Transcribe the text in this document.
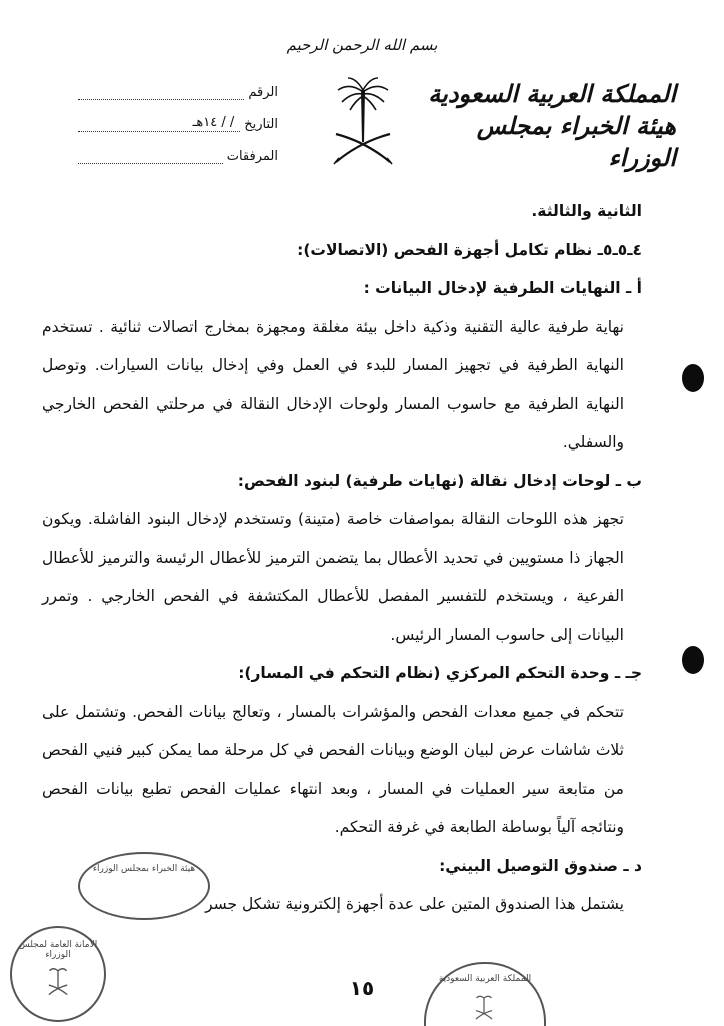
بسم الله الرحمن الرحيم
المملكة العربية السعودية
هيئة الخبراء بمجلس الوزراء
الرقم
التاريخ
/ / ١٤هـ
المرفقات

الثانية والثالثة.

٤ـ٥ـ٥ـ نظام تكامل أجهزة الفحص (الاتصالات):

أ ـ النهايات الطرفية لإدخال البيانات :

نهاية طرفية عالية التقنية وذكية داخل بيئة مغلقة ومجهزة بمخارج اتصالات ثنائية . تستخدم النهاية الطرفية في تجهيز المسار للبدء في العمل وفي إدخال بيانات السيارات. وتوصل النهاية الطرفية مع حاسوب المسار ولوحات الإدخال النقالة في مرحلتي الفحص الخارجي والسفلي.

ب ـ لوحات إدخال نقالة (نهايات طرفية) لبنود الفحص:

تجهز هذه اللوحات النقالة بمواصفات خاصة (متينة) وتستخدم لإدخال البنود الفاشلة. ويكون الجهاز ذا مستويين في تحديد الأعطال بما يتضمن الترميز للأعطال الرئيسة والترميز للأعطال الفرعية ، ويستخدم للتفسير المفصل للأعطال المكتشفة في الفحص الخارجي . وتمرر البيانات إلى حاسوب المسار الرئيس.

جـ ـ وحدة التحكم المركزي (نظام التحكم في المسار):

تتحكم في جميع معدات الفحص والمؤشرات بالمسار ، وتعالج بيانات الفحص. وتشتمل على ثلاث شاشات عرض لبيان الوضع وبيانات الفحص في كل مرحلة مما يمكن كبير فنيي الفحص من متابعة سير العمليات في المسار ، وبعد انتهاء عمليات الفحص تطبع بيانات الفحص ونتائجه آلياً بوساطة الطابعة في غرفة التحكم.

د ـ صندوق التوصيل البيني:

يشتمل هذا الصندوق المتين على عدة أجهزة إلكترونية تشكل جسر

هيئة الخبراء بمجلس الوزراء
الأمانة العامة لمجلس الوزراء
المملكة العربية السعودية
١٥
